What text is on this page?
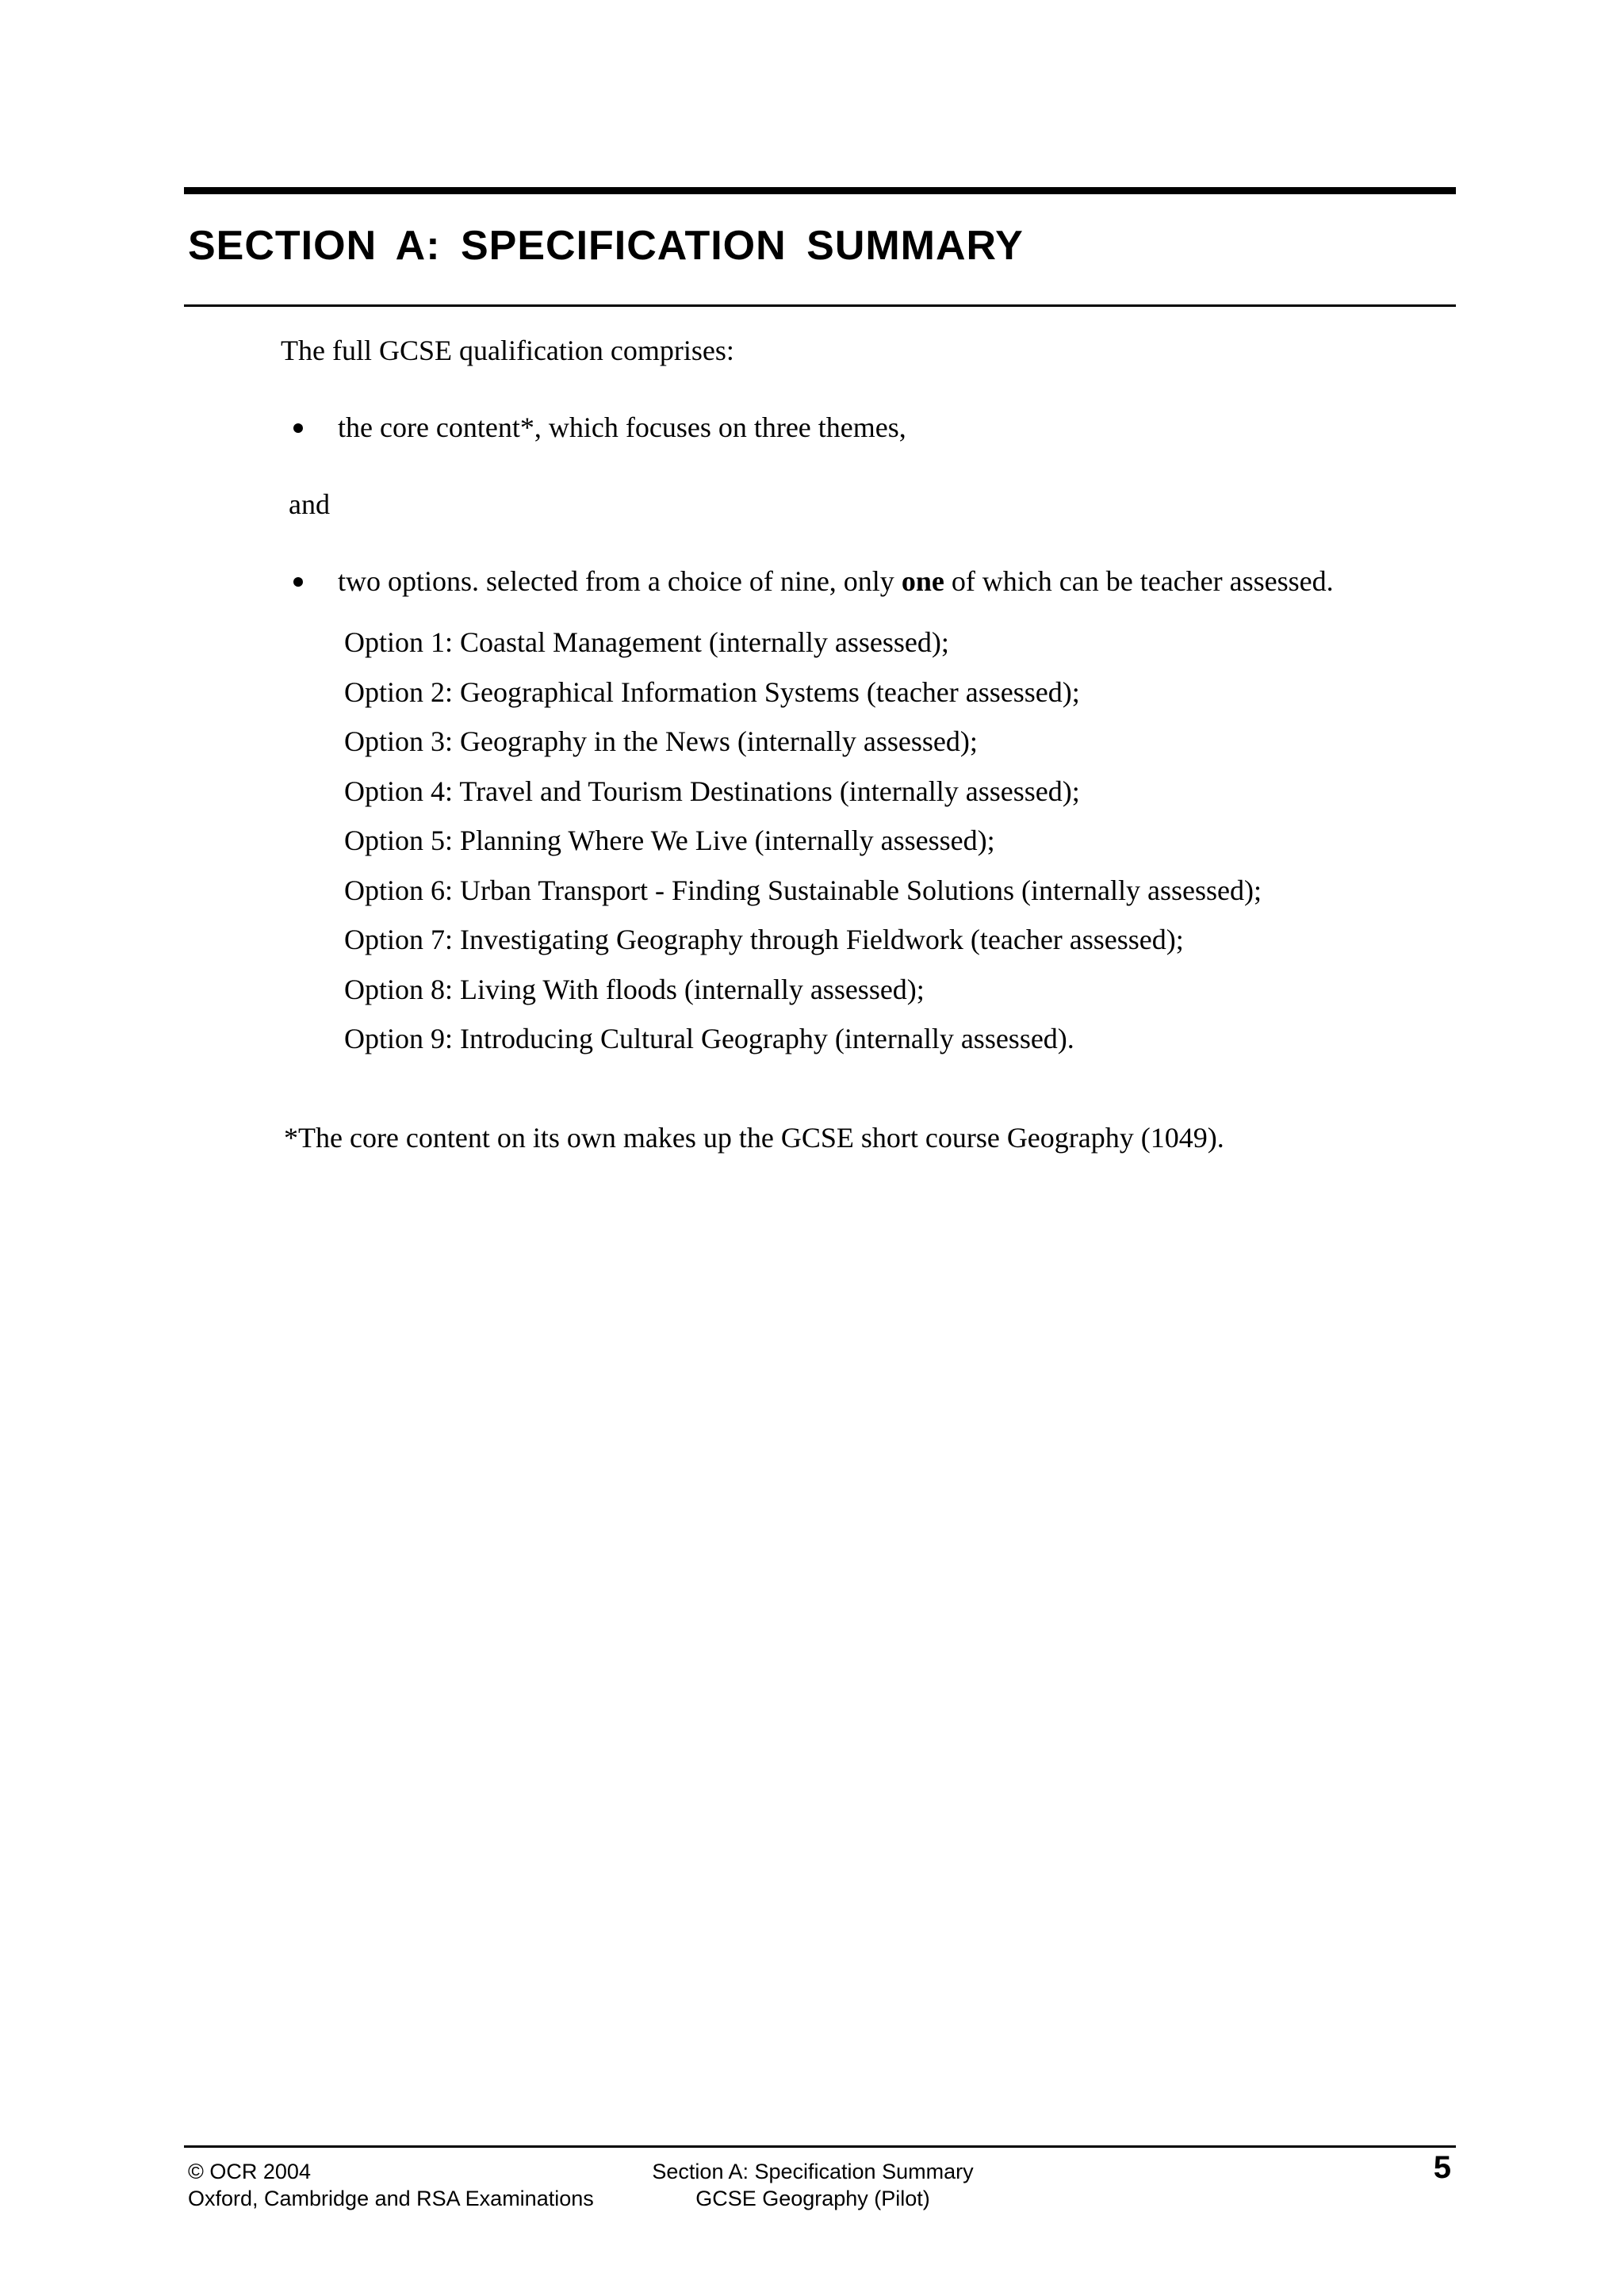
SECTION A: SPECIFICATION SUMMARY

The full GCSE qualification comprises:

the core content*, which focuses on three themes,

and

two options. selected from a choice of nine, only one of which can be teacher assessed.

Option 1: Coastal Management (internally assessed);
Option 2: Geographical Information Systems (teacher assessed);
Option 3: Geography in the News (internally assessed);
Option 4: Travel and Tourism Destinations (internally assessed);
Option 5: Planning Where We Live (internally assessed);
Option 6: Urban Transport - Finding Sustainable Solutions (internally assessed);
Option 7: Investigating Geography through Fieldwork (teacher assessed);
Option 8: Living With floods (internally assessed);
Option 9: Introducing Cultural Geography (internally assessed).

*The core content on its own makes up the GCSE short course Geography (1049).

© OCR 2004
Oxford, Cambridge and RSA Examinations
Section A: Specification Summary
GCSE Geography (Pilot)

5
